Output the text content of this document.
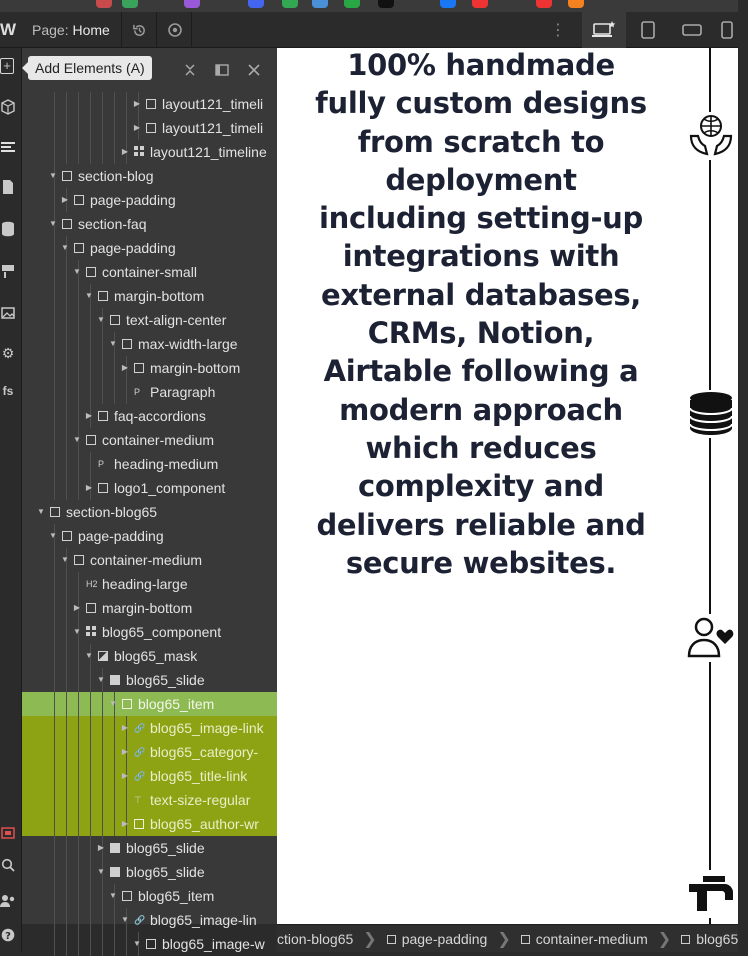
W	Page: Home	⋮
+
⚙
fs
?
Add Elements (A)
▶ layout121_timeli
▶ layout121_timeli
▶ layout121_timeline
▼ section-blog
▶ page-padding
▼ section-faq
▼ page-padding
▼ container-small
▼ margin-bottom
▼ text-align-center
▼ max-width-large
▶ margin-bottom
P Paragraph
▶ faq-accordions
▼ container-medium
P heading-medium
▶ logo1_component
▼ section-blog65
▼ page-padding
▼ container-medium
H2 heading-large
▶ margin-bottom
▼ blog65_component
▼ blog65_mask
▼ blog65_slide
▼ blog65_item
▶ 🔗 blog65_image-link
▶ 🔗 blog65_category-
▶ 🔗 blog65_title-link
⊤ text-size-regular
▶ blog65_author-wr
▶ blog65_slide
▼ blog65_slide
▼ blog65_item
▼ 🔗 blog65_image-lin
▼ blog65_image-w
100% handmade
fully custom designs
from scratch to
deployment
including setting-up
integrations with
external databases,
CRMs, Notion,
Airtable following a
modern approach
which reduces
complexity and
delivers reliable and
secure websites.
ction-blog65 ❯ page-padding ❯ container-medium ❯ blog65
